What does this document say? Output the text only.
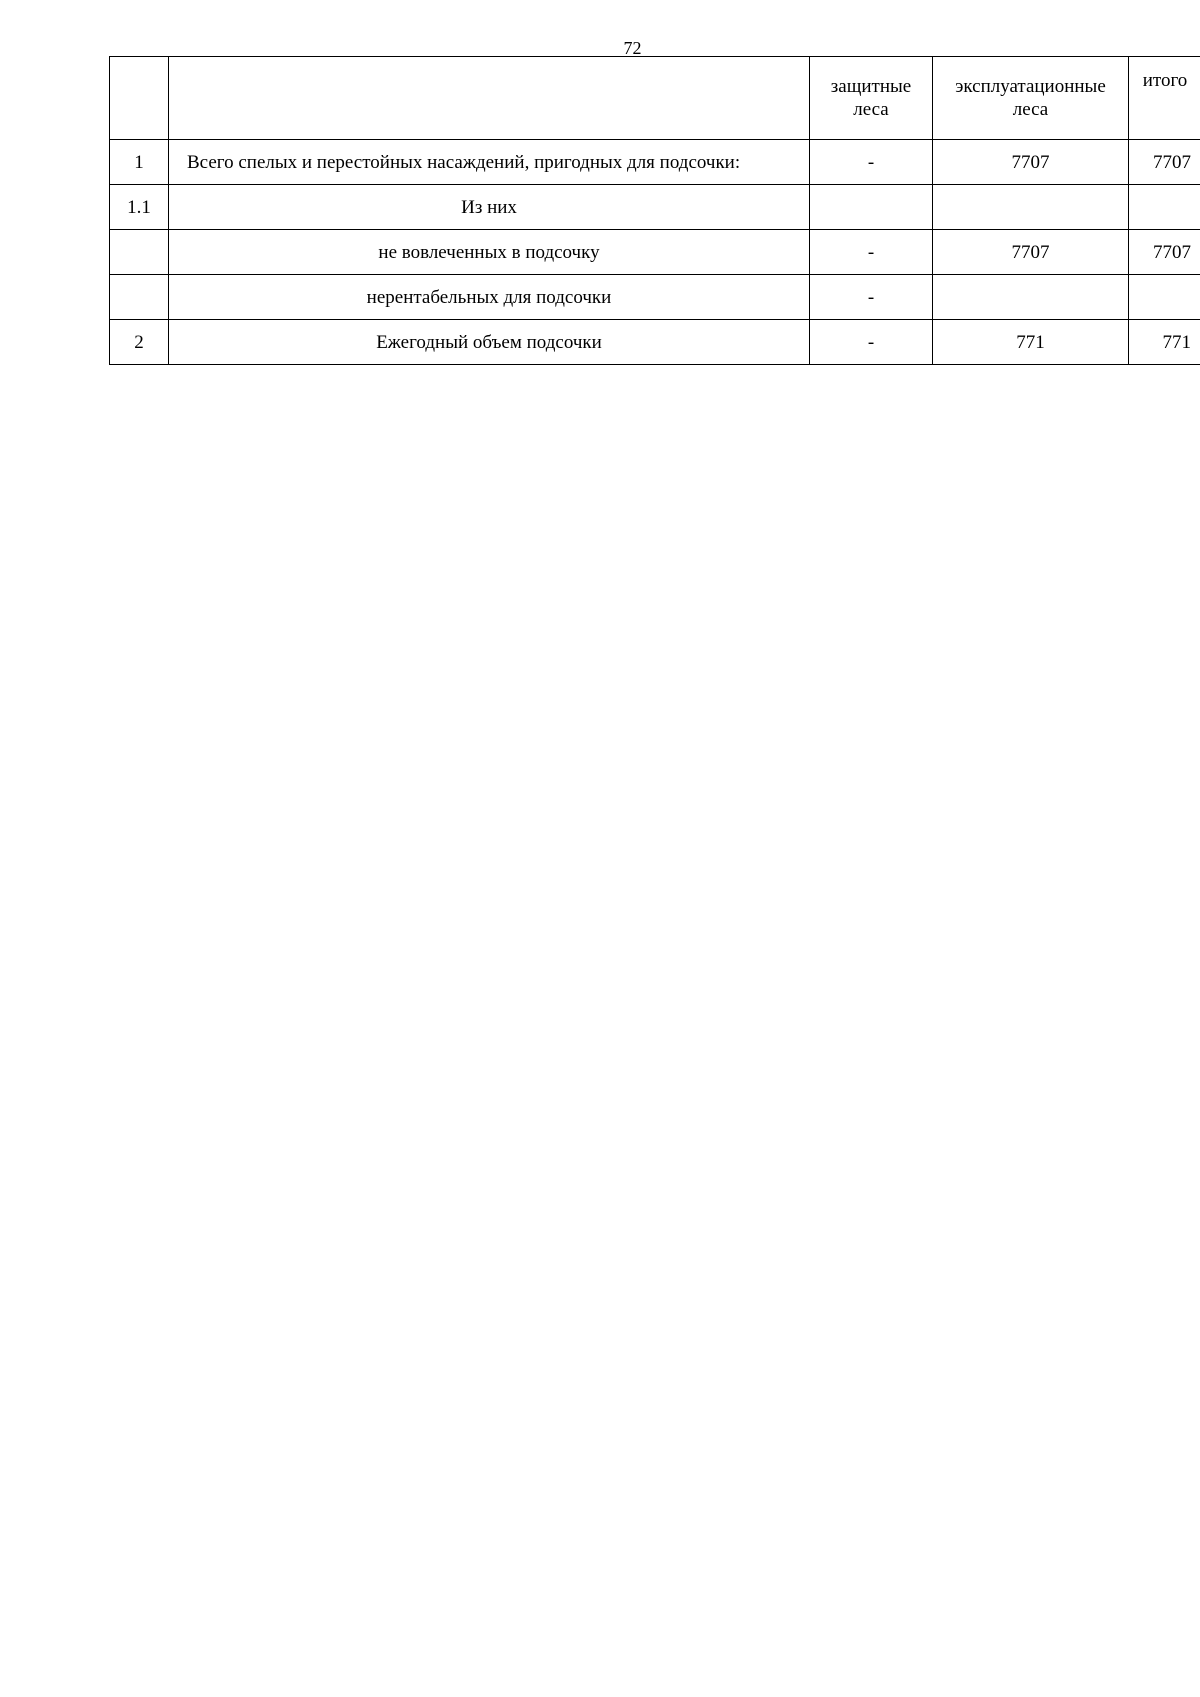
72
		защитные леса	эксплуатационные леса	итого
1	Всего спелых и перестойных насаждений, пригодных для подсочки:	-	7707	7707
1.1	Из них			
	не вовлеченных в подсочку	-	7707	7707
	нерентабельных для подсочки	-		
2	Ежегодный объем подсочки	-	771	771
